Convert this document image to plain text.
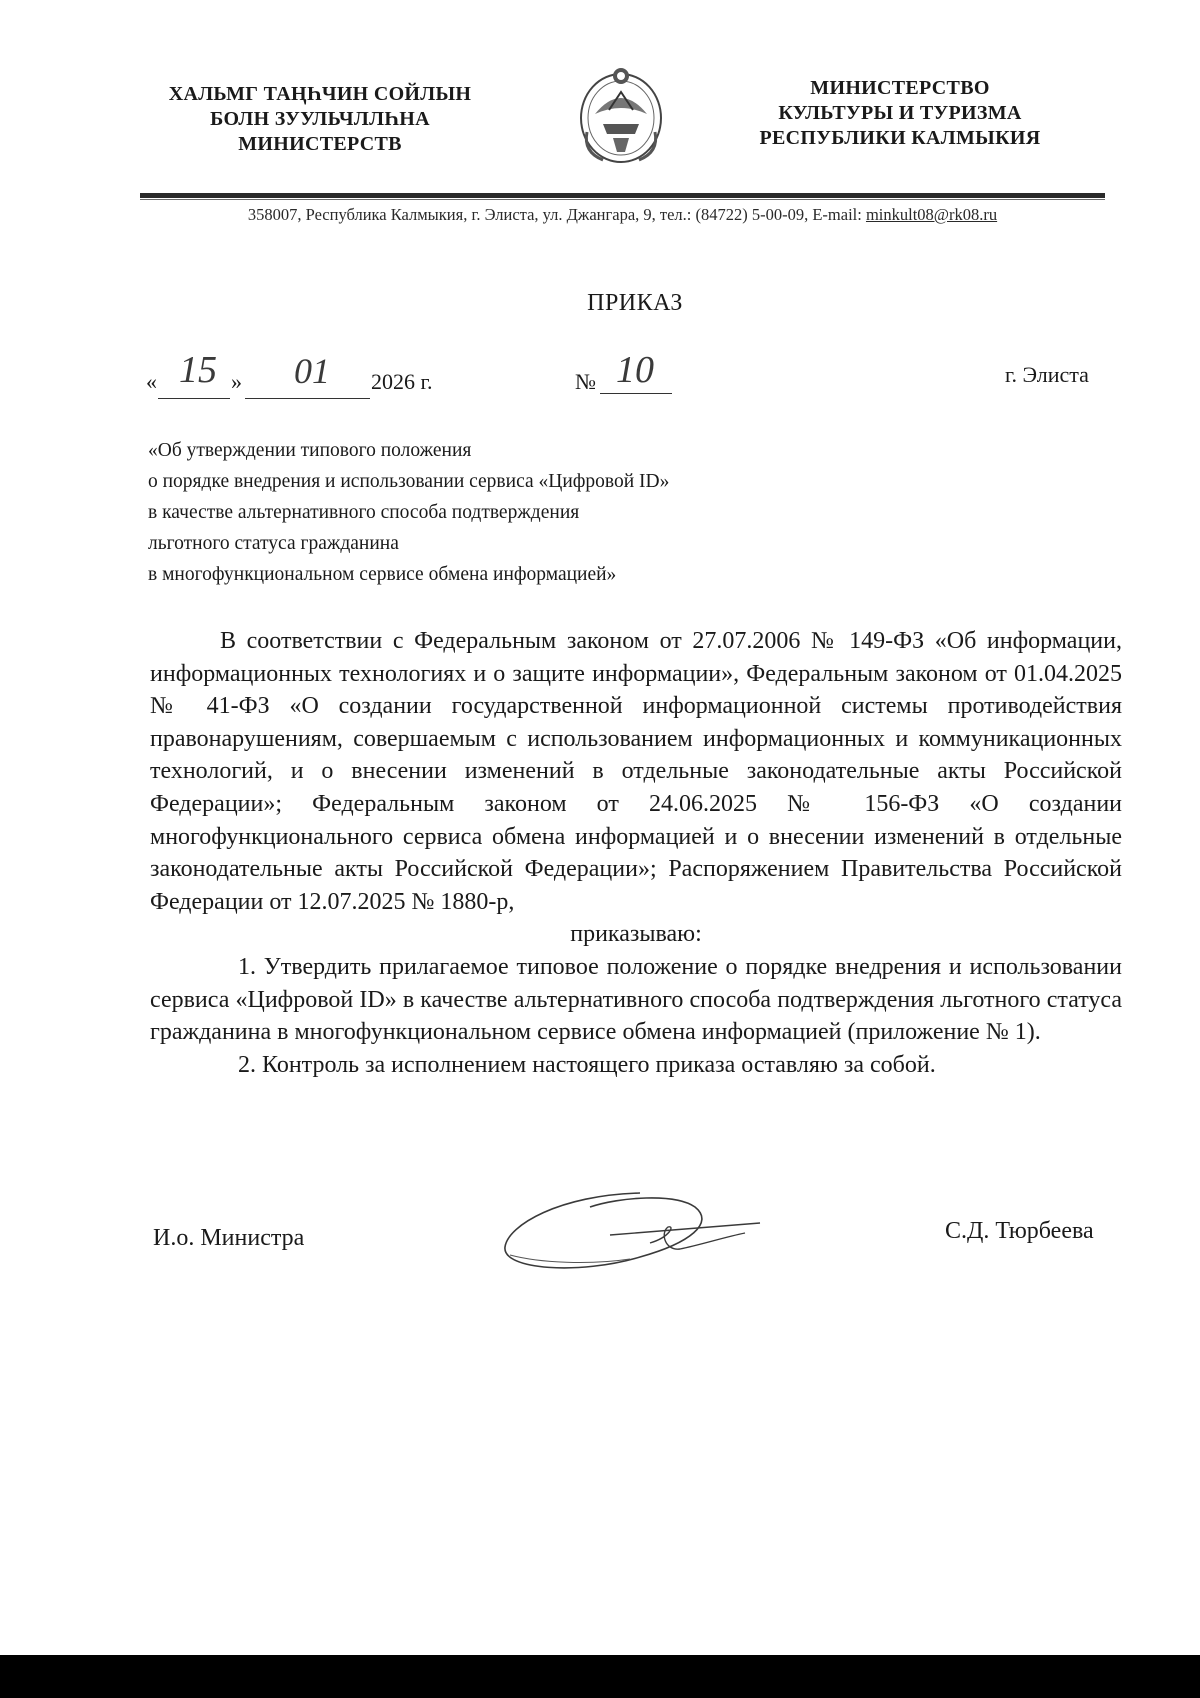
ХАЛЬМГ ТАҢҺЧИН СОЙЛЫН
БОЛН ЗУУЛЬЧЛЛҺНА
МИНИСТЕРСТВ
МИНИСТЕРСТВО
КУЛЬТУРЫ И ТУРИЗМА
РЕСПУБЛИКИ КАЛМЫКИЯ
358007, Республика Калмыкия, г. Элиста, ул. Джангара, 9, тел.: (84722) 5-00-09, E-mail: minkult08@rk08.ru
ПРИКАЗ
« 15 »	01	2026 г.	№ 10	г. Элиста
«Об утверждении типового положения
о порядке внедрения и использовании сервиса «Цифровой ID»
в качестве альтернативного способа подтверждения
льготного статуса гражданина
в многофункциональном сервисе обмена информацией»

В соответствии с Федеральным законом от 27.07.2006 № 149-ФЗ «Об информации, информационных технологиях и о защите информации», Федеральным законом от 01.04.2025 № 41-ФЗ «О создании государственной информационной системы противодействия правонарушениям, совершаемым с использованием информационных и коммуникационных технологий, и о внесении изменений в отдельные законодательные акты Российской Федерации»; Федеральным законом от 24.06.2025 № 156-ФЗ «О создании многофункционального сервиса обмена информацией и о внесении изменений в отдельные законодательные акты Российской Федерации»; Распоряжением Правительства Российской Федерации от 12.07.2025 № 1880-р,

приказываю:

1. Утвердить прилагаемое типовое положение о порядке внедрения и использовании сервиса «Цифровой ID» в качестве альтернативного способа подтверждения льготного статуса гражданина в многофункциональном сервисе обмена информацией (приложение № 1).

2. Контроль за исполнением настоящего приказа оставляю за собой.

И.о. Министра	С.Д. Тюрбеева
